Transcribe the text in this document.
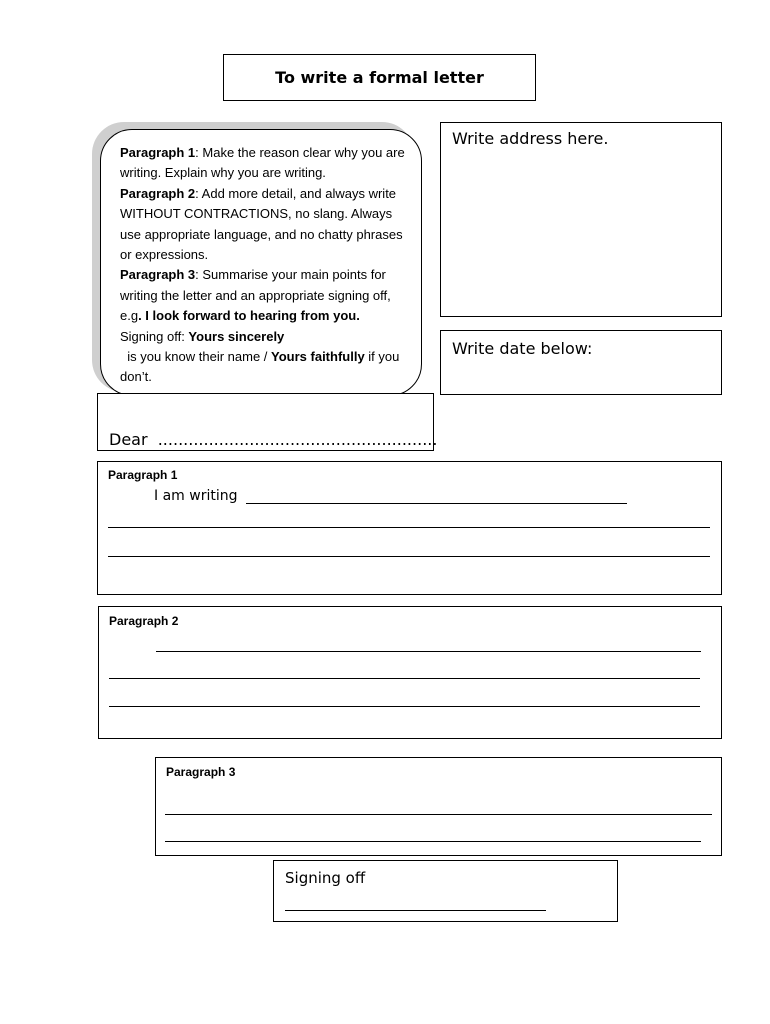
To write a formal letter

Paragraph 1: Make the reason clear why you are writing. Explain why you are writing.

Paragraph 2: Add more detail, and always write WITHOUT CONTRACTIONS, no slang. Always use appropriate language, and no chatty phrases or expressions.

Paragraph 3: Summarise your main points for writing the letter and an appropriate signing off, e.g. I look forward to hearing from you.

Signing off: Yours sincerely  is you know their name / Yours faithfully if you don’t.

Write address here.
Write date below:
Dear  .......................................................
Paragraph 1
I am writing
Paragraph 2
Paragraph 3
Signing off
